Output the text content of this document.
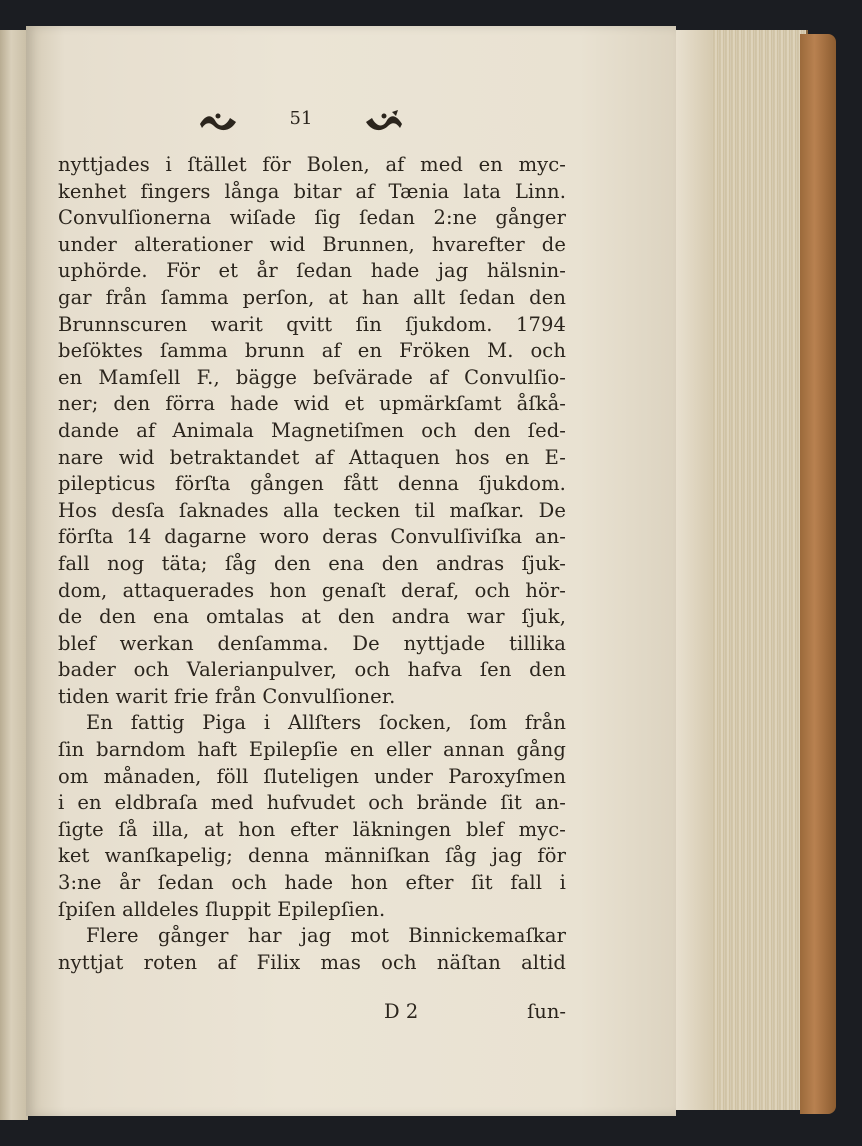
51
nyttjades i ſtället för Bolen, af med en myc-
kenhet fingers långa bitar af Tænia lata Linn.
Convulſionerna wiſade ſig ſedan 2:ne gånger
under alterationer wid Brunnen, hvarefter de
uphörde. För et år ſedan hade jag hälsnin-
gar från ſamma perſon, at han allt ſedan den
Brunnscuren warit qvitt ſin ſjukdom. 1794
beſöktes ſamma brunn af en Fröken M. och
en Mamſell F., bägge beſvärade af Convulſio-
ner; den förra hade wid et upmärkſamt åſkå-
dande af Animala Magnetiſmen och den ſed-
nare wid betraktandet af Attaquen hos en E-
pilepticus förſta gången fått denna ſjukdom.
Hos desſa ſaknades alla tecken til maſkar. De
förſta 14 dagarne woro deras Convulſiviſka an-
fall nog täta; ſåg den ena den andras ſjuk-
dom, attaquerades hon genaſt deraf, och hör-
de den ena omtalas at den andra war ſjuk,
blef werkan denſamma. De nyttjade tillika
bader och Valerianpulver, och hafva ſen den
tiden warit frie från Convulſioner.
En fattig Piga i Allſters ſocken, ſom från
ſin barndom haft Epilepſie en eller annan gång
om månaden, föll ſluteligen under Paroxyſmen
i en eldbraſa med hufvudet och brände ſit an-
ſigte ſå illa, at hon efter läkningen blef myc-
ket wanſkapelig; denna männiſkan ſåg jag för
3:ne år ſedan och hade hon efter ſit fall i
ſpiſen alldeles ſluppit Epilepſien.
Flere gånger har jag mot Binnickemaſkar
nyttjat roten af Filix mas och näſtan altid
D 2	ſun-
